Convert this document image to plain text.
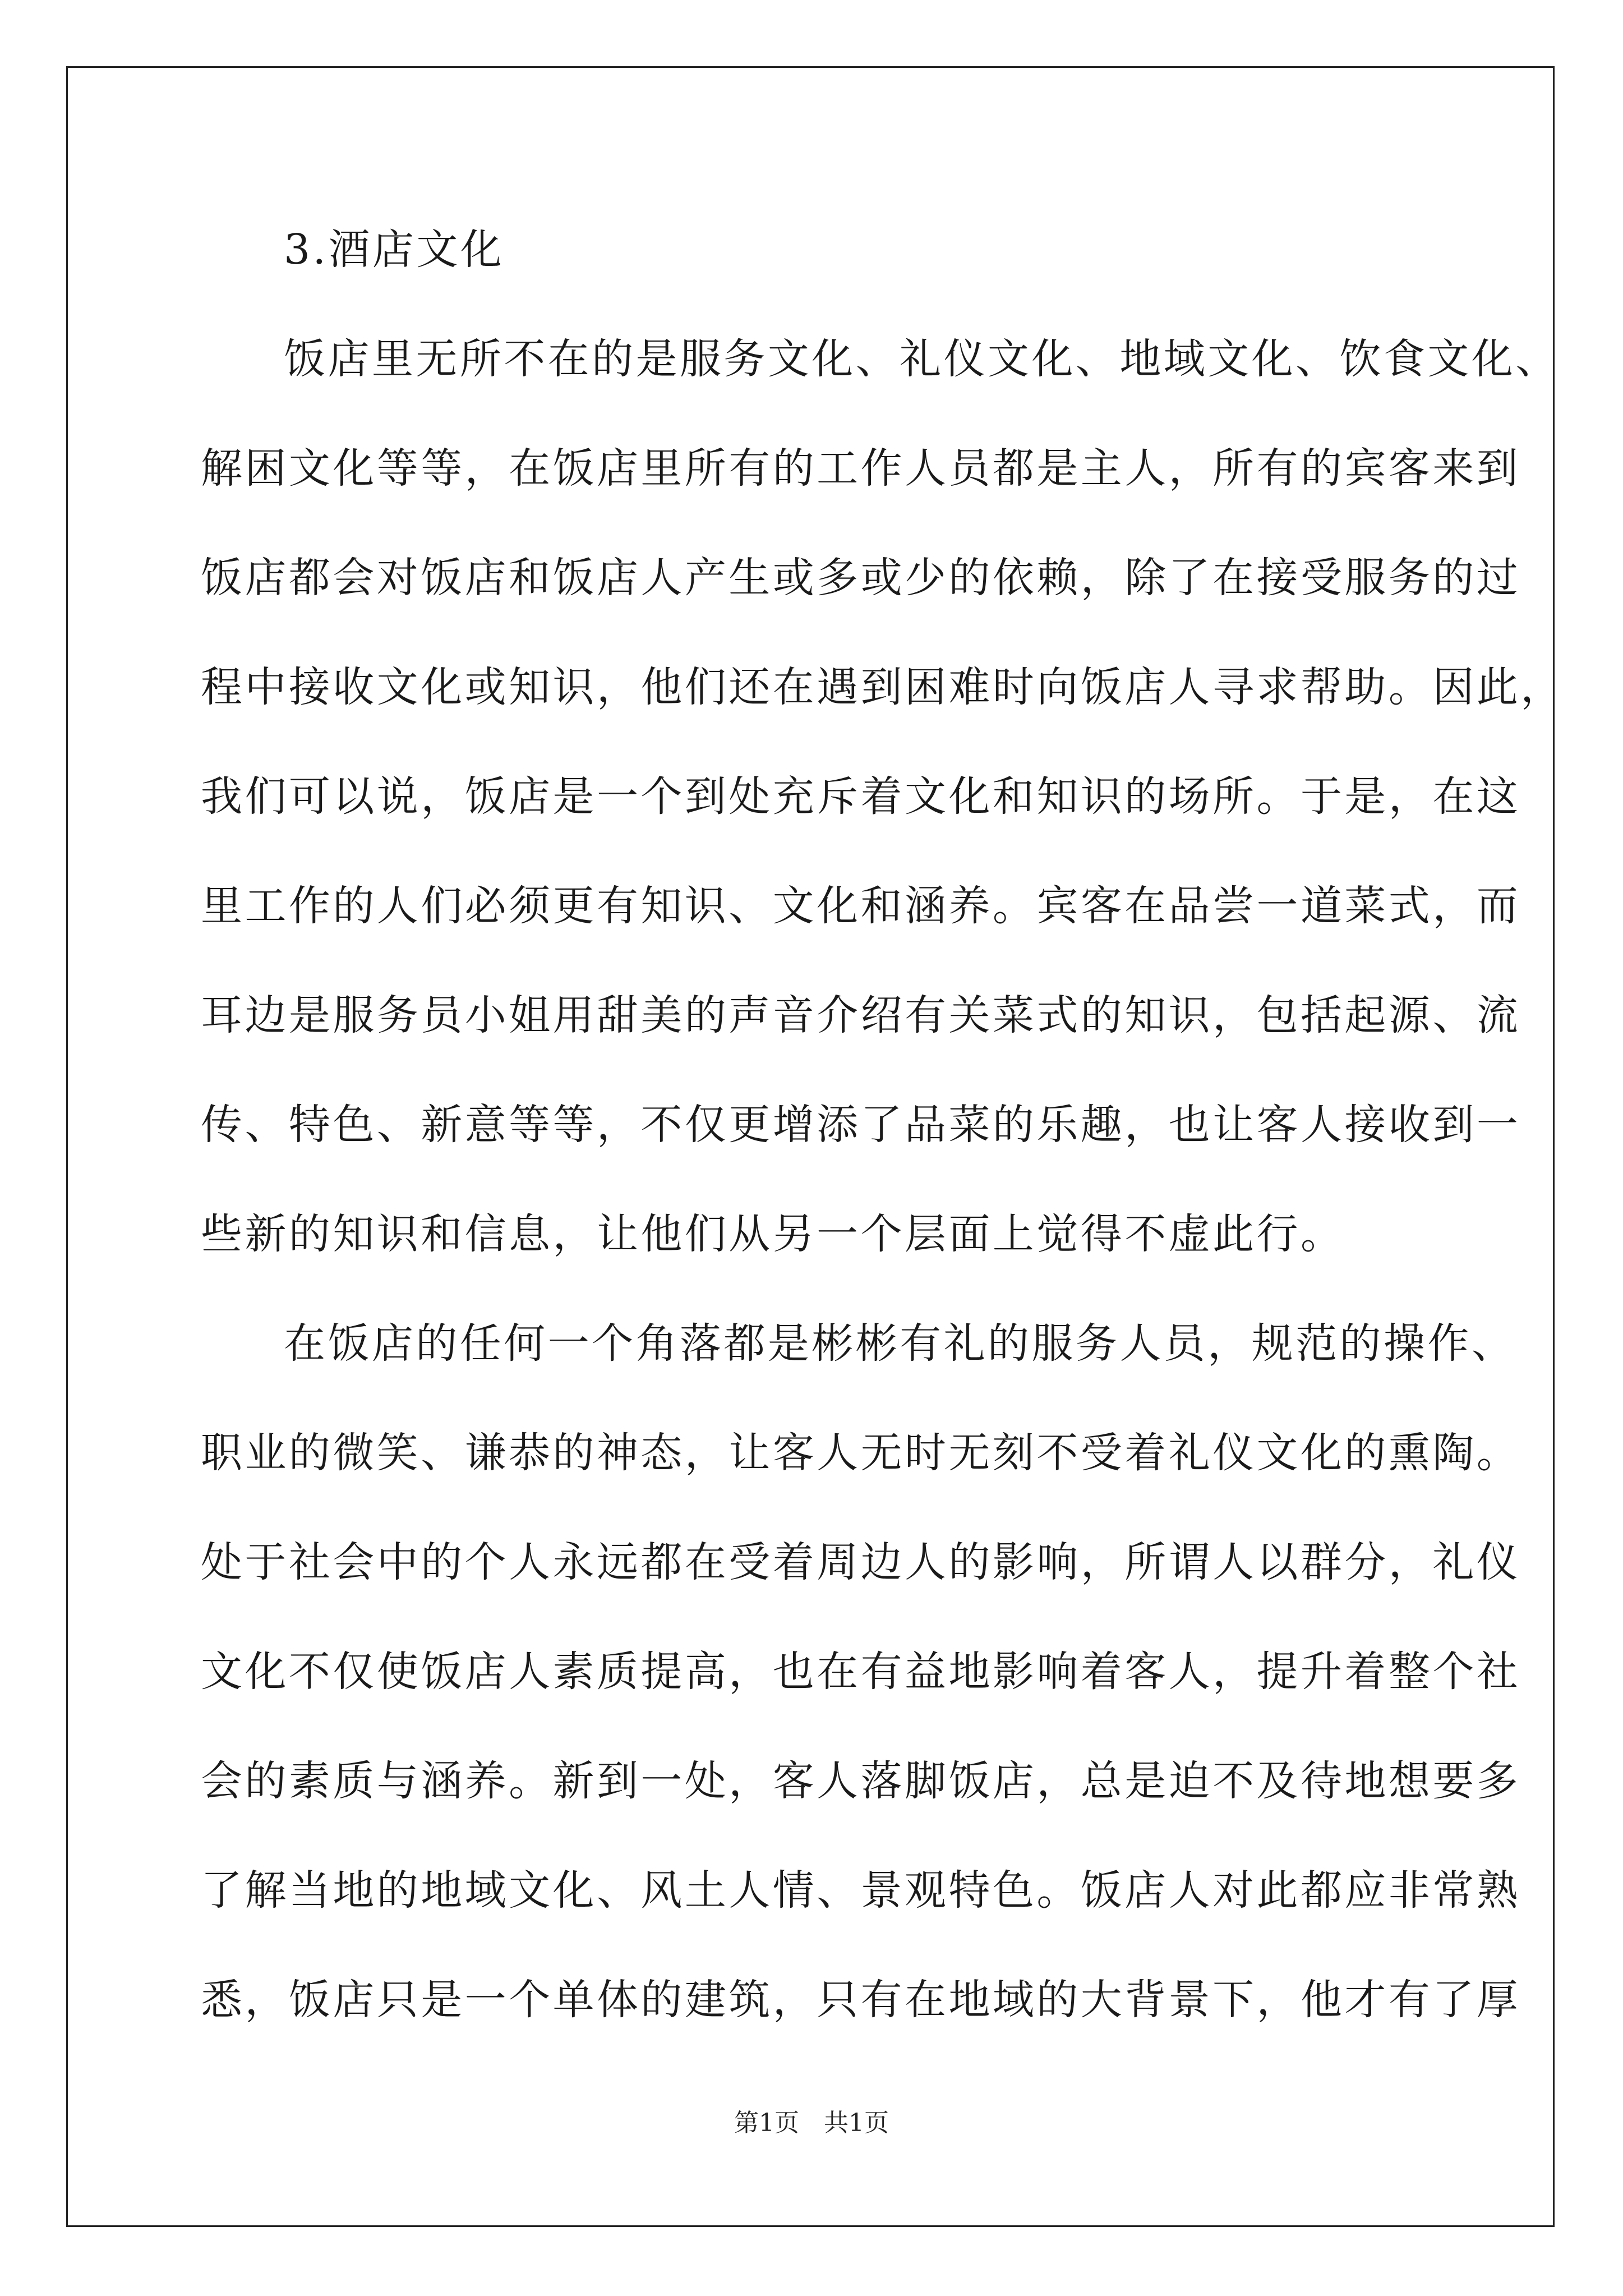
3.酒店文化
饭店里无所不在的是服务文化、礼仪文化、地域文化、饮食文化、
解困文化等等，在饭店里所有的工作人员都是主人，所有的宾客来到
饭店都会对饭店和饭店人产生或多或少的依赖，除了在接受服务的过
程中接收文化或知识，他们还在遇到困难时向饭店人寻求帮助。因此，
我们可以说，饭店是一个到处充斥着文化和知识的场所。于是，在这
里工作的人们必须更有知识、文化和涵养。宾客在品尝一道菜式，而
耳边是服务员小姐用甜美的声音介绍有关菜式的知识，包括起源、流
传、特色、新意等等，不仅更增添了品菜的乐趣，也让客人接收到一
些新的知识和信息，让他们从另一个层面上觉得不虚此行。
在饭店的任何一个角落都是彬彬有礼的服务人员，规范的操作、
职业的微笑、谦恭的神态，让客人无时无刻不受着礼仪文化的熏陶。
处于社会中的个人永远都在受着周边人的影响，所谓人以群分，礼仪
文化不仅使饭店人素质提高，也在有益地影响着客人，提升着整个社
会的素质与涵养。新到一处，客人落脚饭店，总是迫不及待地想要多
了解当地的地域文化、风土人情、景观特色。饭店人对此都应非常熟
悉，饭店只是一个单体的建筑，只有在地域的大背景下，他才有了厚
第1页　共1页
